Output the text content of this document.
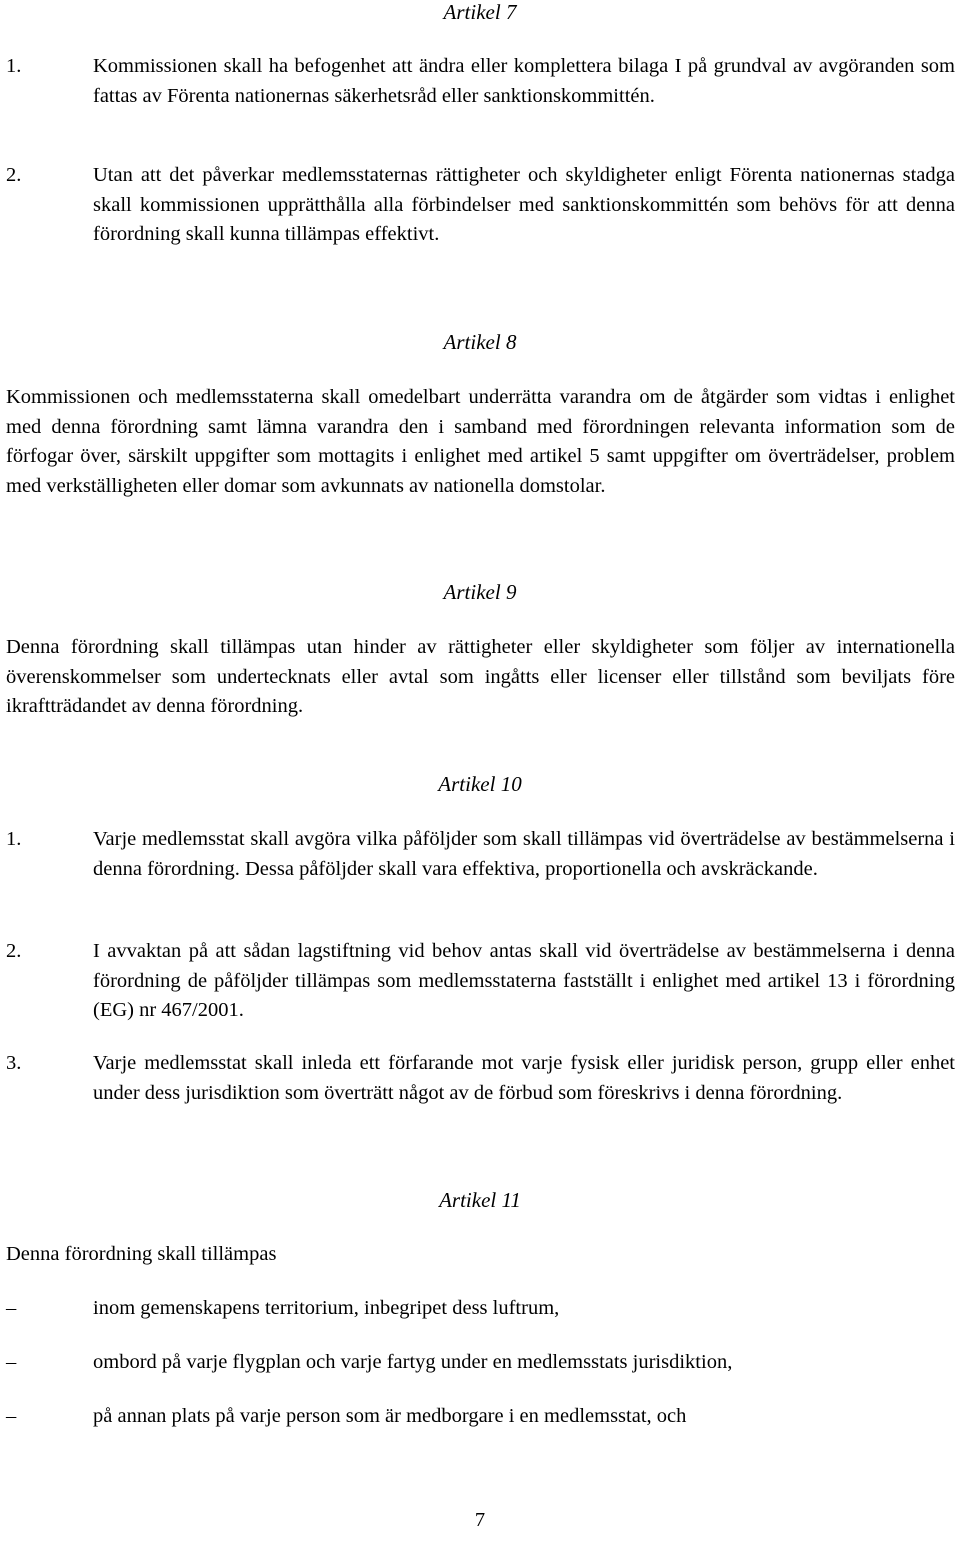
Artikel 7
1.	Kommissionen skall ha befogenhet att ändra eller komplettera bilaga I på grundval av avgöranden som fattas av Förenta nationernas säkerhetsråd eller sanktionskommittén.
2.	Utan att det påverkar medlemsstaternas rättigheter och skyldigheter enligt Förenta nationernas stadga skall kommissionen upprätthålla alla förbindelser med sanktionskommittén som behövs för att denna förordning skall kunna tillämpas effektivt.
Artikel 8
Kommissionen och medlemsstaterna skall omedelbart underrätta varandra om de åtgärder som vidtas i enlighet med denna förordning samt lämna varandra den i samband med förordningen relevanta information som de förfogar över, särskilt uppgifter som mottagits i enlighet med artikel 5 samt uppgifter om överträdelser, problem med verkställigheten eller domar som avkunnats av nationella domstolar.
Artikel 9
Denna förordning skall tillämpas utan hinder av rättigheter eller skyldigheter som följer av internationella överenskommelser som undertecknats eller avtal som ingåtts eller licenser eller tillstånd som beviljats före ikraftträdandet av denna förordning.
Artikel 10
1.	Varje medlemsstat skall avgöra vilka påföljder som skall tillämpas vid överträdelse av bestämmelserna i denna förordning. Dessa påföljder skall vara effektiva, proportionella och avskräckande.
2.	I avvaktan på att sådan lagstiftning vid behov antas skall vid överträdelse av bestämmelserna i denna förordning de påföljder tillämpas som medlemsstaterna fastställt i enlighet med artikel 13 i förordning (EG) nr 467/2001.
3.	Varje medlemsstat skall inleda ett förfarande mot varje fysisk eller juridisk person, grupp eller enhet under dess jurisdiktion som överträtt något av de förbud som föreskrivs i denna förordning.
Artikel 11
Denna förordning skall tillämpas
–	inom gemenskapens territorium, inbegripet dess luftrum,
–	ombord på varje flygplan och varje fartyg under en medlemsstats jurisdiktion,
–	på annan plats på varje person som är medborgare i en medlemsstat, och
7
